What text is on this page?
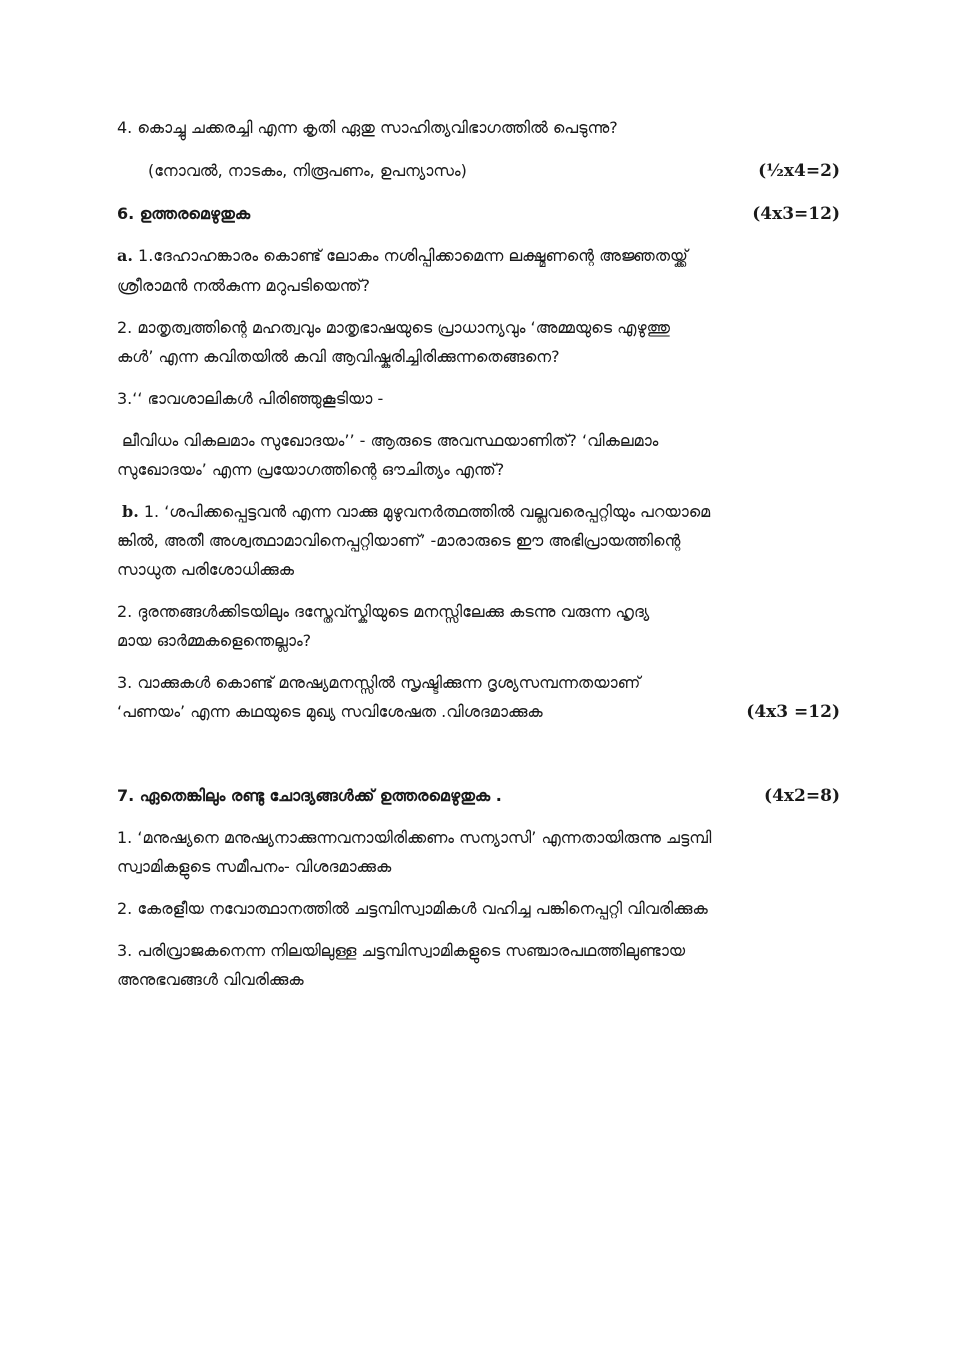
4. കൊച്ചു ചക്കരച്ചി എന്ന കൃതി ഏതു സാഹിത്യവിഭാഗത്തിൽ പെടുന്നു?
(നോവൽ, നാടകം, നിരൂപണം, ഉപന്യാസം)	(½x4=2)
6. ഉത്തരമെഴുതുക	(4x3=12)
a. 1.ദേഹാഹങ്കാരം കൊണ്ട് ലോകം നശിപ്പിക്കാമെന്ന ലക്ഷ്മണന്റെ അജ്ഞതയ്ക്ക്
ശ്രീരാമൻ നൽകുന്ന മറുപടിയെന്ത്?
2. മാതൃത്വത്തിന്റെ മഹത്വവും മാതൃഭാഷയുടെ പ്രാധാന്യവും ‘അമ്മയുടെ എഴുത്തു
കൾ’ എന്ന കവിതയിൽ കവി ആവിഷ്കരിച്ചിരിക്കുന്നതെങ്ങനെ?
3.‘‘ ഭാവശാലികൾ പിരിഞ്ഞുകൂടിയാ -
ലീവിധം വികലമാം സുഖോദയം’’ - ആരുടെ അവസ്ഥയാണിത്? ‘വികലമാം
സുഖോദയം’ എന്ന പ്രയോഗത്തിന്റെ ഔചിത്യം എന്ത്?
b. 1. ‘ശപിക്കപ്പെട്ടവൻ എന്ന വാക്കു മുഴുവനർത്ഥത്തിൽ വല്ലവരെപ്പറ്റിയും പറയാമെ
ങ്കിൽ, അതീ അശ്വത്ഥാമാവിനെപ്പറ്റിയാണ്’ -മാരാരുടെ ഈ അഭിപ്രായത്തിന്റെ
സാധുത പരിശോധിക്കുക
2. ദുരന്തങ്ങൾക്കിടയിലും ദസ്തേവ്സ്കിയുടെ മനസ്സിലേക്കു കടന്നു വരുന്ന ഹൃദ്യ
മായ ഓർമ്മകളെന്തെല്ലാം?
3. വാക്കുകൾ കൊണ്ട് മനുഷ്യമനസ്സിൽ സൃഷ്ടിക്കുന്ന ദൃശ്യസമ്പന്നതയാണ്
‘പണയം’ എന്ന കഥയുടെ മുഖ്യ സവിശേഷത .വിശദമാക്കുക	(4x3 =12)
7. ഏതെങ്കിലും രണ്ടു ചോദ്യങ്ങൾക്ക് ഉത്തരമെഴുതുക .	(4x2=8)
1. ‘മനുഷ്യനെ മനുഷ്യനാക്കുന്നവനായിരിക്കണം സന്യാസി’ എന്നതായിരുന്നു ചട്ടമ്പി
സ്വാമികളുടെ സമീപനം- വിശദമാക്കുക
2. കേരളീയ നവോത്ഥാനത്തിൽ ചട്ടമ്പിസ്വാമികൾ വഹിച്ച പങ്കിനെപ്പറ്റി വിവരിക്കുക
3. പരിവ്രാജകനെന്ന നിലയിലുള്ള ചട്ടമ്പിസ്വാമികളുടെ സഞ്ചാരപഥത്തിലുണ്ടായ
അനുഭവങ്ങൾ വിവരിക്കുക
